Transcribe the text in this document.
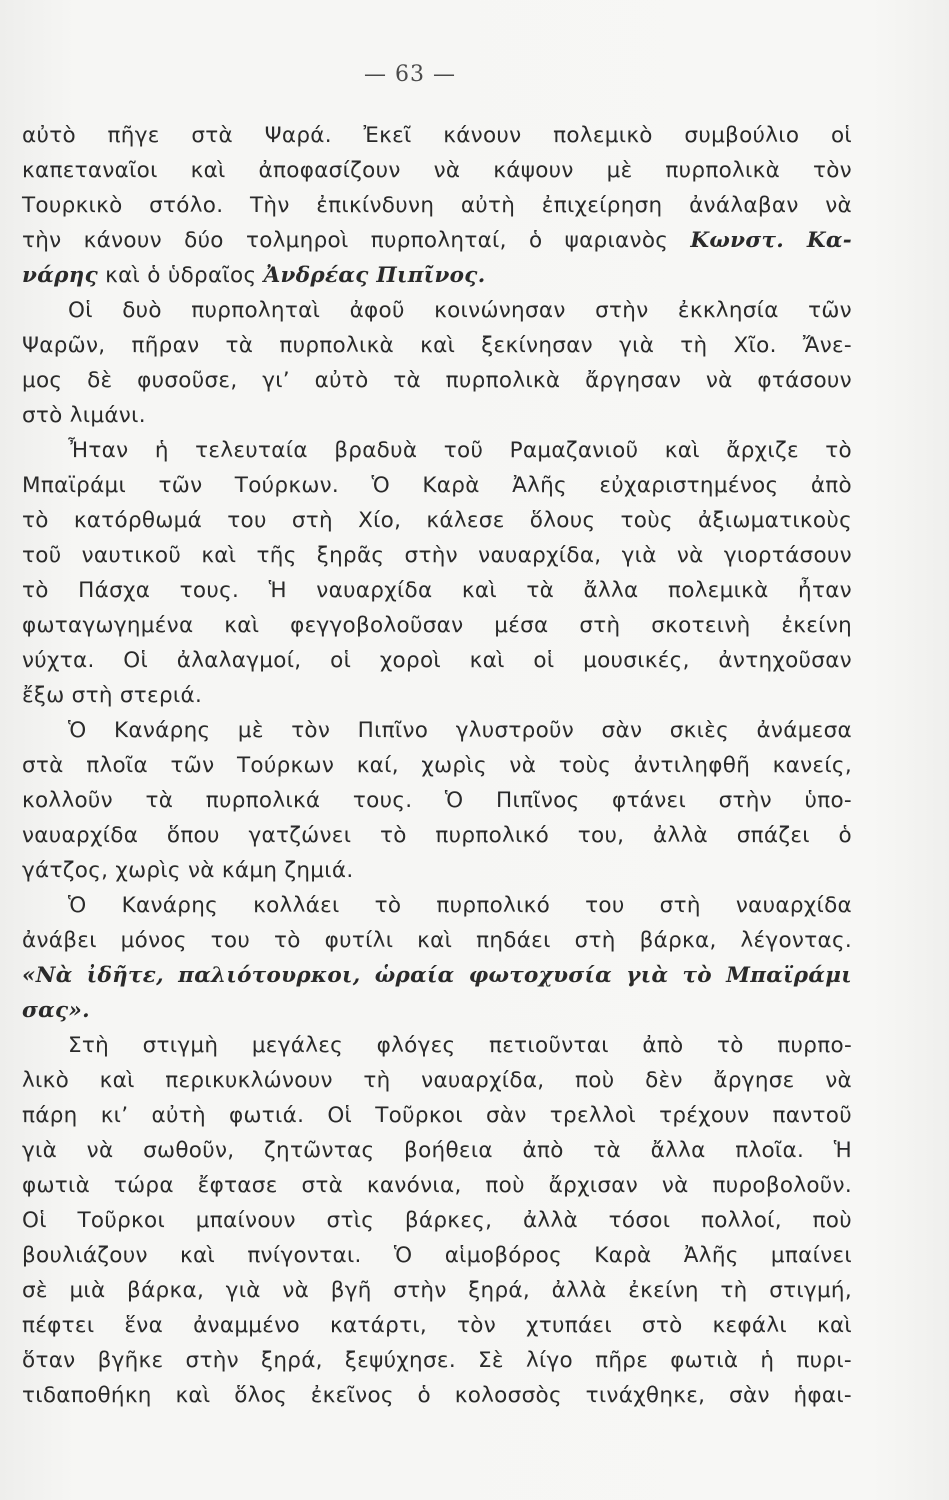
— 63 —
αὐτὸ πῆγε στὰ Ψαρά. Ἐκεῖ κάνουν πολεμικὸ συμβούλιο οἱ
καπεταναῖοι καὶ ἀποφασίζουν νὰ κάψουν μὲ πυρπολικὰ τὸν
Τουρκικὸ στόλο. Τὴν ἐπικίνδυνη αὐτὴ ἐπιχείρηση ἀνάλαβαν νὰ
τὴν κάνουν δύο τολμηροὶ πυρποληταί, ὁ ψαριανὸς Κωνστ. Κα-
νάρης καὶ ὁ ὑδραῖος Ἀνδρέας Πιπῖνος.
Οἱ δυὸ πυρποληταὶ ἀφοῦ κοινώνησαν στὴν ἐκκλησία τῶν
Ψαρῶν, πῆραν τὰ πυρπολικὰ καὶ ξεκίνησαν γιὰ τὴ Χῖο. Ἄνε-
μος δὲ φυσοῦσε, γι’ αὐτὸ τὰ πυρπολικὰ ἄργησαν νὰ φτάσουν
στὸ λιμάνι.
Ἦταν ἡ τελευταία βραδυὰ τοῦ Ραμαζανιοῦ καὶ ἄρχιζε τὸ
Μπαϊράμι τῶν Τούρκων. Ὁ Καρὰ Ἀλῆς εὐχαριστημένος ἀπὸ
τὸ κατόρθωμά του στὴ Χίο, κάλεσε ὅλους τοὺς ἀξιωματικοὺς
τοῦ ναυτικοῦ καὶ τῆς ξηρᾶς στὴν ναυαρχίδα, γιὰ νὰ γιορτάσουν
τὸ Πάσχα τους. Ἡ ναυαρχίδα καὶ τὰ ἄλλα πολεμικὰ ἦταν
φωταγωγημένα καὶ φεγγοβολοῦσαν μέσα στὴ σκοτεινὴ ἐκείνη
νύχτα. Οἱ ἀλαλαγμοί, οἱ χοροὶ καὶ οἱ μουσικές, ἀντηχοῦσαν
ἔξω στὴ στεριά.
Ὁ Κανάρης μὲ τὸν Πιπῖνο γλυστροῦν σὰν σκιὲς ἀνάμεσα
στὰ πλοῖα τῶν Τούρκων καί, χωρὶς νὰ τοὺς ἀντιληφθῆ κανείς,
κολλοῦν τὰ πυρπολικά τους. Ὁ Πιπῖνος φτάνει στὴν ὑπο-
ναυαρχίδα ὅπου γατζώνει τὸ πυρπολικό του, ἀλλὰ σπάζει ὁ
γάτζος, χωρὶς νὰ κάμη ζημιά.
Ὁ Κανάρης κολλάει τὸ πυρπολικό του στὴ ναυαρχίδα
ἀνάβει μόνος του τὸ φυτίλι καὶ πηδάει στὴ βάρκα, λέγοντας.
«Νὰ ἰδῆτε, παλιότουρκοι, ὡραία φωτοχυσία γιὰ τὸ Μπαϊράμι
σας».
Στὴ στιγμὴ μεγάλες φλόγες πετιοῦνται ἀπὸ τὸ πυρπο-
λικὸ καὶ περικυκλώνουν τὴ ναυαρχίδα, ποὺ δὲν ἄργησε νὰ
πάρη κι’ αὐτὴ φωτιά. Οἱ Τοῦρκοι σὰν τρελλοὶ τρέχουν παντοῦ
γιὰ νὰ σωθοῦν, ζητῶντας βοήθεια ἀπὸ τὰ ἄλλα πλοῖα. Ἡ
φωτιὰ τώρα ἔφτασε στὰ κανόνια, ποὺ ἄρχισαν νὰ πυροβολοῦν.
Οἱ Τοῦρκοι μπαίνουν στὶς βάρκες, ἀλλὰ τόσοι πολλοί, ποὺ
βουλιάζουν καὶ πνίγονται. Ὁ αἱμοβόρος Καρὰ Ἀλῆς μπαίνει
σὲ μιὰ βάρκα, γιὰ νὰ βγῆ στὴν ξηρά, ἀλλὰ ἐκείνη τὴ στιγμή,
πέφτει ἕνα ἀναμμένο κατάρτι, τὸν χτυπάει στὸ κεφάλι καὶ
ὅταν βγῆκε στὴν ξηρά, ξεψύχησε. Σὲ λίγο πῆρε φωτιὰ ἡ πυρι-
τιδαποθήκη καὶ ὅλος ἐκεῖνος ὁ κολοσσὸς τινάχθηκε, σὰν ἡφαι-
